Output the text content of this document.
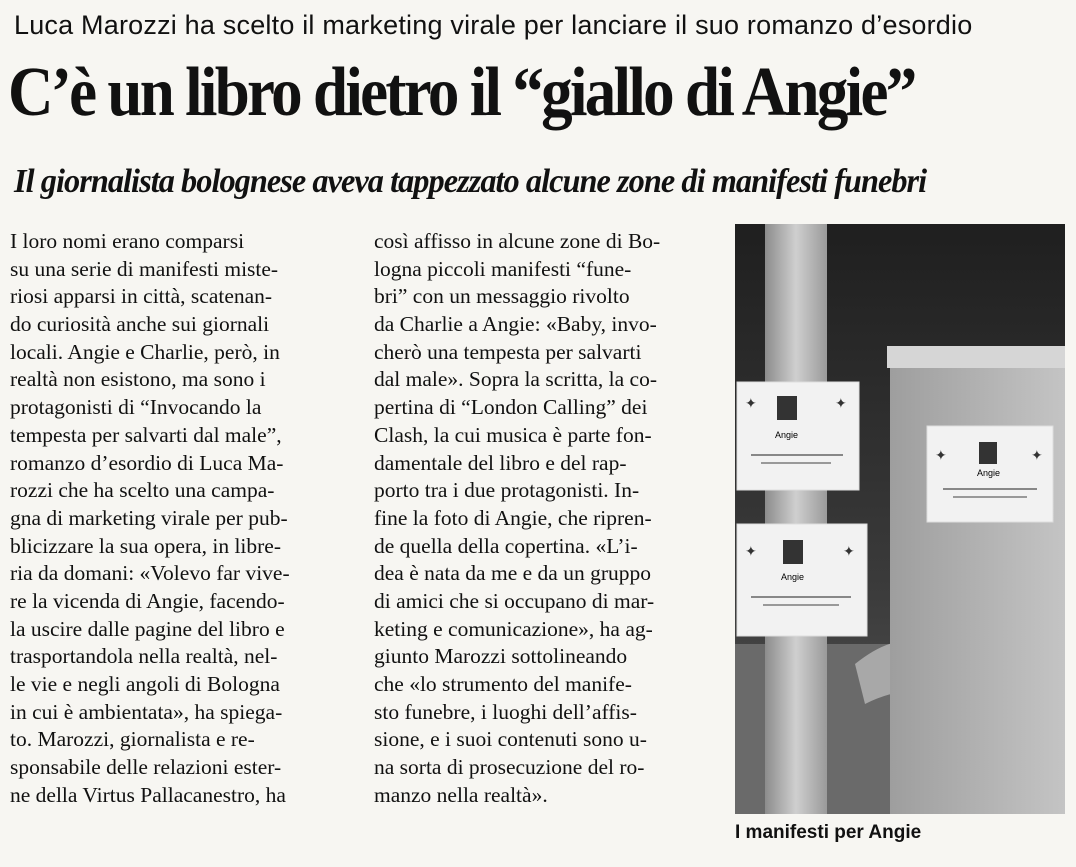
Luca Marozzi ha scelto il marketing virale per lanciare il suo romanzo d’esordio
C’è un libro dietro il “giallo di Angie”
Il giornalista bolognese aveva tappezzato alcune zone di manifesti funebri
I loro nomi erano comparsi
su una serie di manifesti miste-
riosi apparsi in città, scatenan-
do curiosità anche sui giornali
locali. Angie e Charlie, però, in
realtà non esistono, ma sono i
protagonisti di “Invocando la
tempesta per salvarti dal male”,
romanzo d’esordio di Luca Ma-
rozzi che ha scelto una campa-
gna di marketing virale per pub-
blicizzare la sua opera, in libre-
ria da domani: «Volevo far vive-
re la vicenda di Angie, facendo-
la uscire dalle pagine del libro e
trasportandola nella realtà, nel-
le vie e negli angoli di Bologna
in cui è ambientata», ha spiega-
to. Marozzi, giornalista e re-
sponsabile delle relazioni ester-
ne della Virtus Pallacanestro, ha
così affisso in alcune zone di Bo-
logna piccoli manifesti “fune-
bri” con un messaggio rivolto
da Charlie a Angie: «Baby, invo-
cherò una tempesta per salvarti
dal male». Sopra la scritta, la co-
pertina di “London Calling” dei
Clash, la cui musica è parte fon-
damentale del libro e del rap-
porto tra i due protagonisti. In-
fine la foto di Angie, che ripren-
de quella della copertina. «L’i-
dea è nata da me e da un gruppo
di amici che si occupano di mar-
keting e comunicazione», ha ag-
giunto Marozzi sottolineando
che «lo strumento del manife-
sto funebre, i luoghi dell’affis-
sione, e i suoi contenuti sono u-
na sorta di prosecuzione del ro-
manzo nella realtà».
Angie
✦	✦
Angie
✦	✦
Angie
✦	✦
I manifesti per Angie
